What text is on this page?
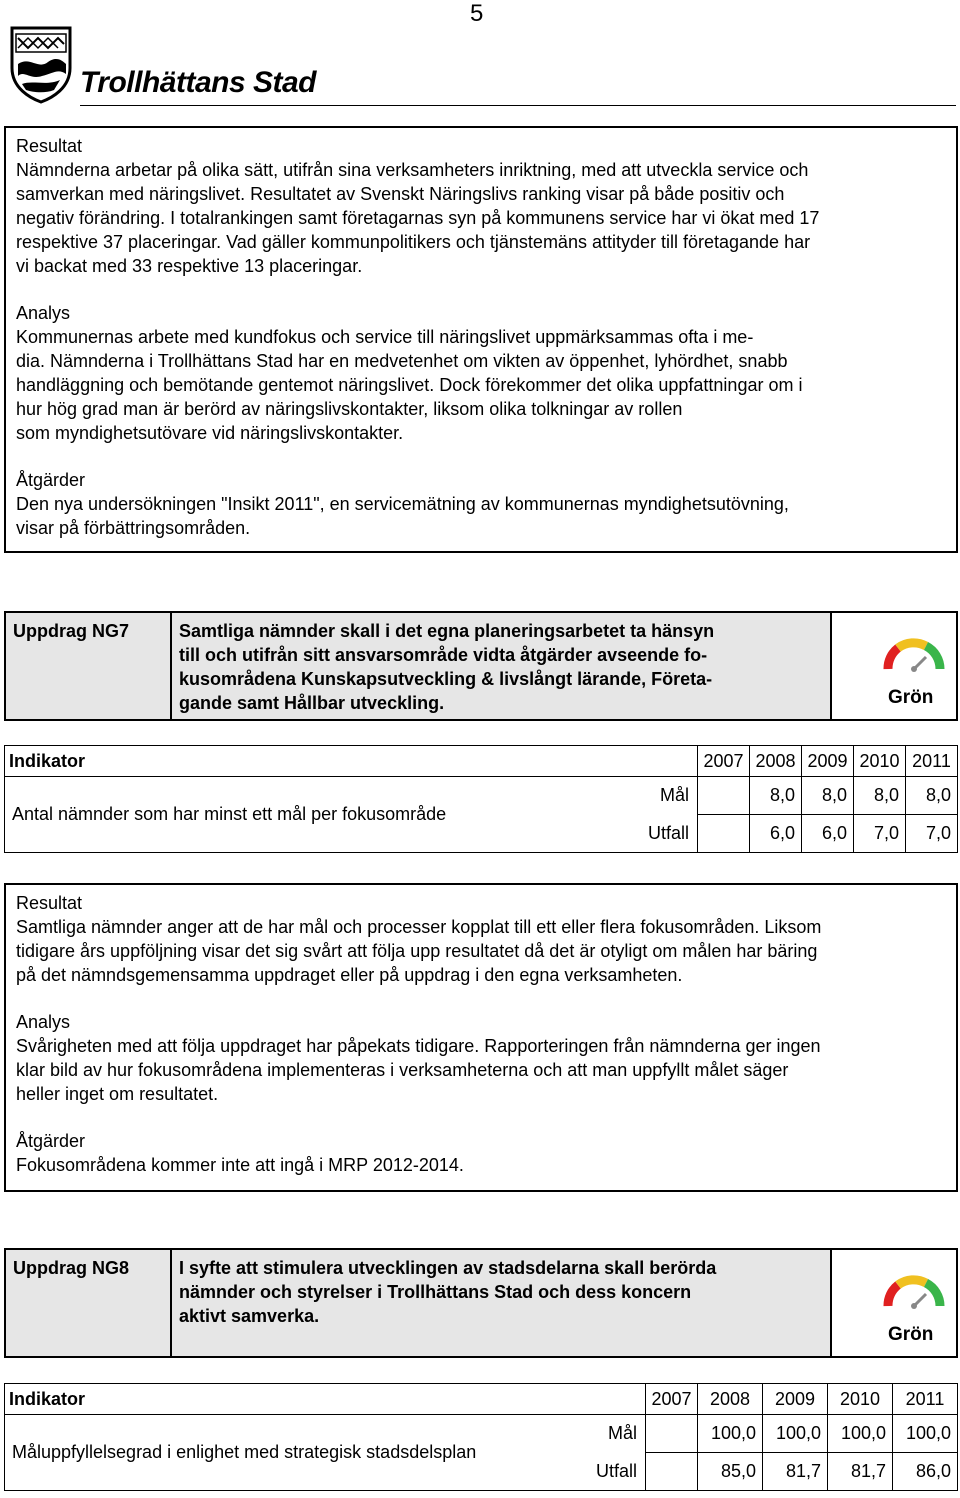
5
Trollhättans Stad

Resultat

Nämnderna arbetar på olika sätt, utifrån sina verksamheters inriktning, med att utveckla service och

samverkan med näringslivet. Resultatet av Svenskt Näringslivs ranking visar på både positiv och

negativ förändring. I totalrankingen samt företagarnas syn på kommunens service har vi ökat med 17

respektive 37 placeringar. Vad gäller kommunpolitikers och tjänstemäns attityder till företagande har

vi backat med 33 respektive 13 placeringar.

Analys

Kommunernas arbete med kundfokus och service till näringslivet uppmärksammas ofta i me-

dia. Nämnderna i Trollhättans Stad har en medvetenhet om vikten av öppenhet, lyhördhet, snabb

handläggning och bemötande gentemot näringslivet. Dock förekommer det olika uppfattningar om i

hur hög grad man är berörd av näringslivskontakter, liksom olika tolkningar av rollen

som myndighetsutövare vid näringslivskontakter.

Åtgärder

Den nya undersökningen "Insikt 2011", en servicemätning av kommunernas myndighetsutövning,

visar på förbättringsområden.

Uppdrag NG7	Samtliga nämnder skall i det egna planeringsarbetet ta hänsyn
till och utifrån sitt ansvarsområde vidta åtgärder avseende fo-
kusområdena Kunskapsutveckling & livslångt lärande, Företa-
gande samt Hållbar utveckling.	Grön
Indikator		2007	2008	2009	2010	2011
Antal nämnder som har minst ett mål per fokusområde	Mål		8,0	8,0	8,0	8,0
	Utfall		6,0	6,0	7,0	7,0

Resultat

Samtliga nämnder anger att de har mål och processer kopplat till ett eller flera fokusområden. Liksom

tidigare års uppföljning visar det sig svårt att följa upp resultatet då det är otyligt om målen har bäring

på det nämndsgemensamma uppdraget eller på uppdrag i den egna verksamheten.

Analys

Svårigheten med att följa uppdraget har påpekats tidigare. Rapporteringen från nämnderna ger ingen

klar bild av hur fokusområdena implementeras i verksamheterna och att man uppfyllt målet säger

heller inget om resultatet.

Åtgärder

Fokusområdena kommer inte att ingå i MRP 2012-2014.

Uppdrag NG8	I syfte att stimulera utvecklingen av stadsdelarna skall berörda
nämnder och styrelser i Trollhättans Stad och dess koncern
aktivt samverka.

Grön
Indikator		2007	2008	2009	2010	2011
Måluppfyllelsegrad i enlighet med strategisk stadsdelsplan	Mål		100,0	100,0	100,0	100,0
	Utfall		85,0	81,7	81,7	86,0
